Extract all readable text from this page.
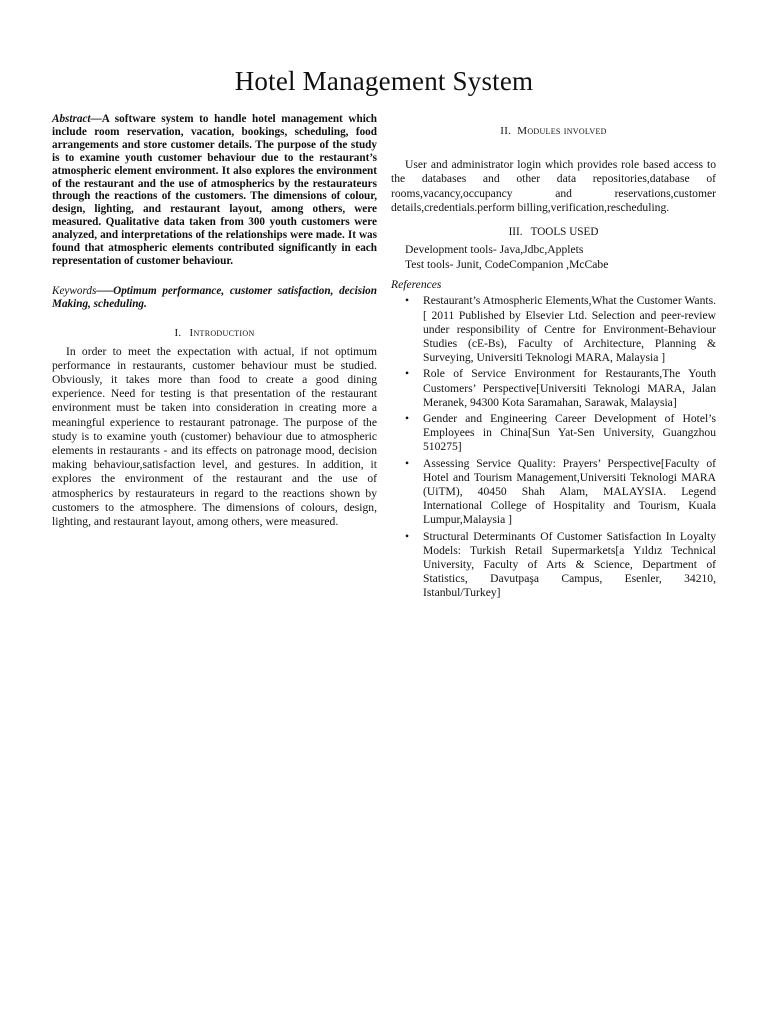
Hotel Management System

Abstract—A software system to handle hotel management which include room reservation, vacation, bookings, scheduling, food arrangements and store customer details. The purpose of the study is to examine youth customer behaviour due to the restaurant’s atmospheric element environment. It also explores the environment of the restaurant and the use of atmospherics by the restaurateurs through the reactions of the customers. The dimensions of colour, design, lighting, and restaurant layout, among others, were measured. Qualitative data taken from 300 youth customers were analyzed, and interpretations of the relationships were made. It was found that atmospheric elements contributed significantly in each representation of customer behaviour.

Keywords—–Optimum performance, customer satisfaction, decision Making, scheduling.

I. Introduction

In order to meet the expectation with actual, if not optimum performance in restaurants, customer behaviour must be studied. Obviously, it takes more than food to create a good dining experience. Need for testing is that presentation of the restaurant environment must be taken into consideration in creating more a meaningful experience to restaurant patronage. The purpose of the study is to examine youth (customer) behaviour due to atmospheric elements in restaurants - and its effects on patronage mood, decision making behaviour,satisfaction level, and gestures. In addition, it explores the environment of the restaurant and the use of atmospherics by restaurateurs in regard to the reactions shown by customers to the atmosphere. The dimensions of colours, design, lighting, and restaurant layout, among others, were measured.

II. Modules involved

User and administrator login which provides role based access to the databases and other data repositories,database of rooms,vacancy,occupancy and reservations,customer details,credentials.perform billing,verification,rescheduling.

III. TOOLS USED
Development tools- Java,Jdbc,Applets
Test tools- Junit, CodeCompanion ,McCabe
References
• Restaurant’s Atmospheric Elements,What the Customer Wants.[ 2011 Published by Elsevier Ltd. Selection and peer-review under responsibility of Centre for Environment-Behaviour Studies (cE-Bs), Faculty of Architecture, Planning & Surveying, Universiti Teknologi MARA, Malaysia ]
• Role of Service Environment for Restaurants,The Youth Customers’ Perspective[Universiti Teknologi MARA, Jalan Meranek, 94300 Kota Saramahan, Sarawak, Malaysia]
• Gender and Engineering Career Development of Hotel’s Employees in China[Sun Yat-Sen University, Guangzhou 510275]
• Assessing Service Quality: Prayers’ Perspective[Faculty of Hotel and Tourism Management,Universiti Teknologi MARA (UiTM), 40450 Shah Alam, MALAYSIA. Legend International College of Hospitality and Tourism, Kuala Lumpur,Malaysia ]
• Structural Determinants Of Customer Satisfaction In Loyalty Models: Turkish Retail Supermarkets[a Yıldız Technical University, Faculty of Arts & Science, Department of Statistics, Davutpaşa Campus, Esenler, 34210, Istanbul/Turkey]
